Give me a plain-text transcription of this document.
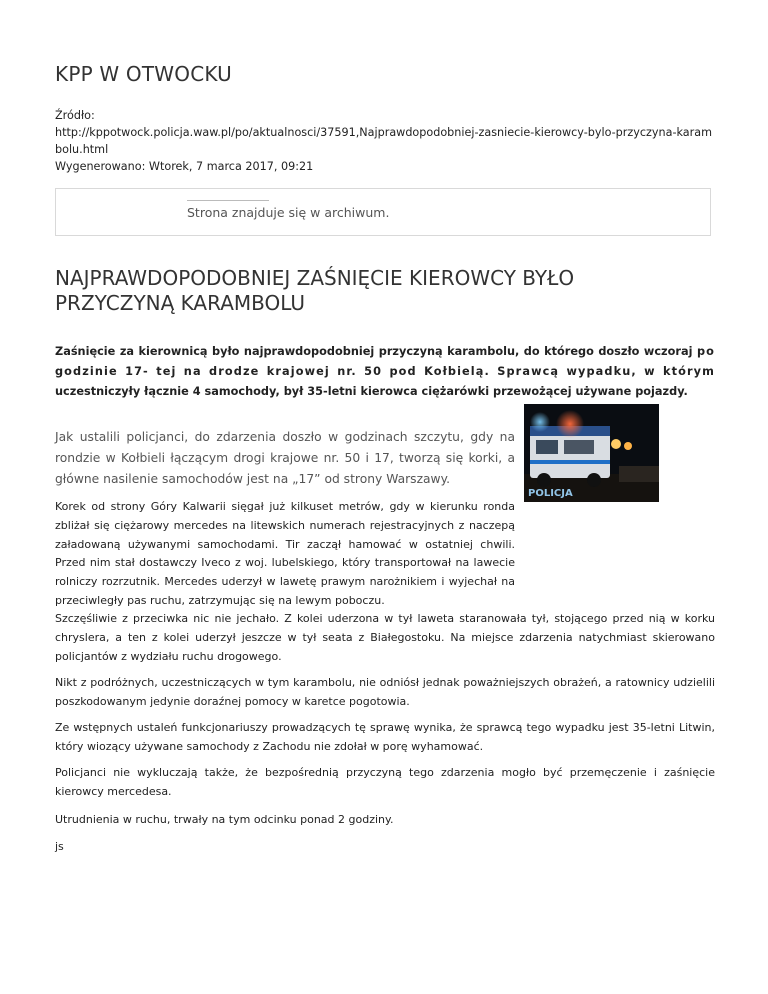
KPP W OTWOCKU
Źródło:

http://kppotwock.policja.waw.pl/po/aktualnosci/37591,Najprawdopodobniej-zasniecie-kierowcy-bylo-przyczyna-karambolu.html
Wygenerowano: Wtorek, 7 marca 2017, 09:21
Strona znajduje się w archiwum.
NAJPRAWDOPODOBNIEJ ZAŚNIĘCIE KIEROWCY BYŁO PRZYCZYNĄ KARAMBOLU
Zaśnięcie za kierownicą było najprawdopodobniej przyczyną karambolu, do którego doszło wczoraj po godzinie 17- tej na drodze krajowej nr. 50 pod Kołbielą. Sprawcą wypadku, w którym uczestniczyły łącznie 4 samochody, był 35-letni kierowca ciężarówki przewożącej używane pojazdy.
POLICJA
Jak ustalili policjanci, do zdarzenia doszło w godzinach szczytu, gdy na rondzie w Kołbieli łączącym drogi krajowe nr. 50 i 17, tworzą się korki, a główne nasilenie samochodów jest na „17” od strony Warszawy.
Korek od strony Góry Kalwarii sięgał już kilkuset metrów, gdy w kierunku ronda zbliżał się ciężarowy mercedes na litewskich numerach rejestracyjnych z naczepą załadowaną używanymi samochodami. Tir zaczął hamować w ostatniej chwili. Przed nim stał dostawczy Iveco z woj. lubelskiego, który transportował na lawecie rolniczy rozrzutnik. Mercedes uderzył w lawetę prawym narożnikiem i wyjechał na przeciwległy pas ruchu, zatrzymując się na lewym poboczu.

Szczęśliwie z przeciwka nic nie jechało. Z kolei uderzona w tył laweta staranowała tył, stojącego przed nią w korku chryslera, a ten z kolei uderzył jeszcze w tył seata z Białegostoku. Na miejsce zdarzenia natychmiast skierowano policjantów z wydziału ruchu drogowego.

Nikt z podróżnych, uczestniczących w tym karambolu, nie odniósł jednak poważniejszych obrażeń, a ratownicy udzielili poszkodowanym jedynie doraźnej pomocy w karetce pogotowia.

Ze wstępnych ustaleń funkcjonariuszy prowadzących tę sprawę wynika, że sprawcą tego wypadku jest 35-letni Litwin, który wiozący używane samochody z Zachodu nie zdołał w porę wyhamować.

Policjanci nie wykluczają także, że bezpośrednią przyczyną tego zdarzenia mogło być przemęczenie i zaśnięcie kierowcy mercedesa.

Utrudnienia w ruchu, trwały na tym odcinku ponad 2 godziny.

js
